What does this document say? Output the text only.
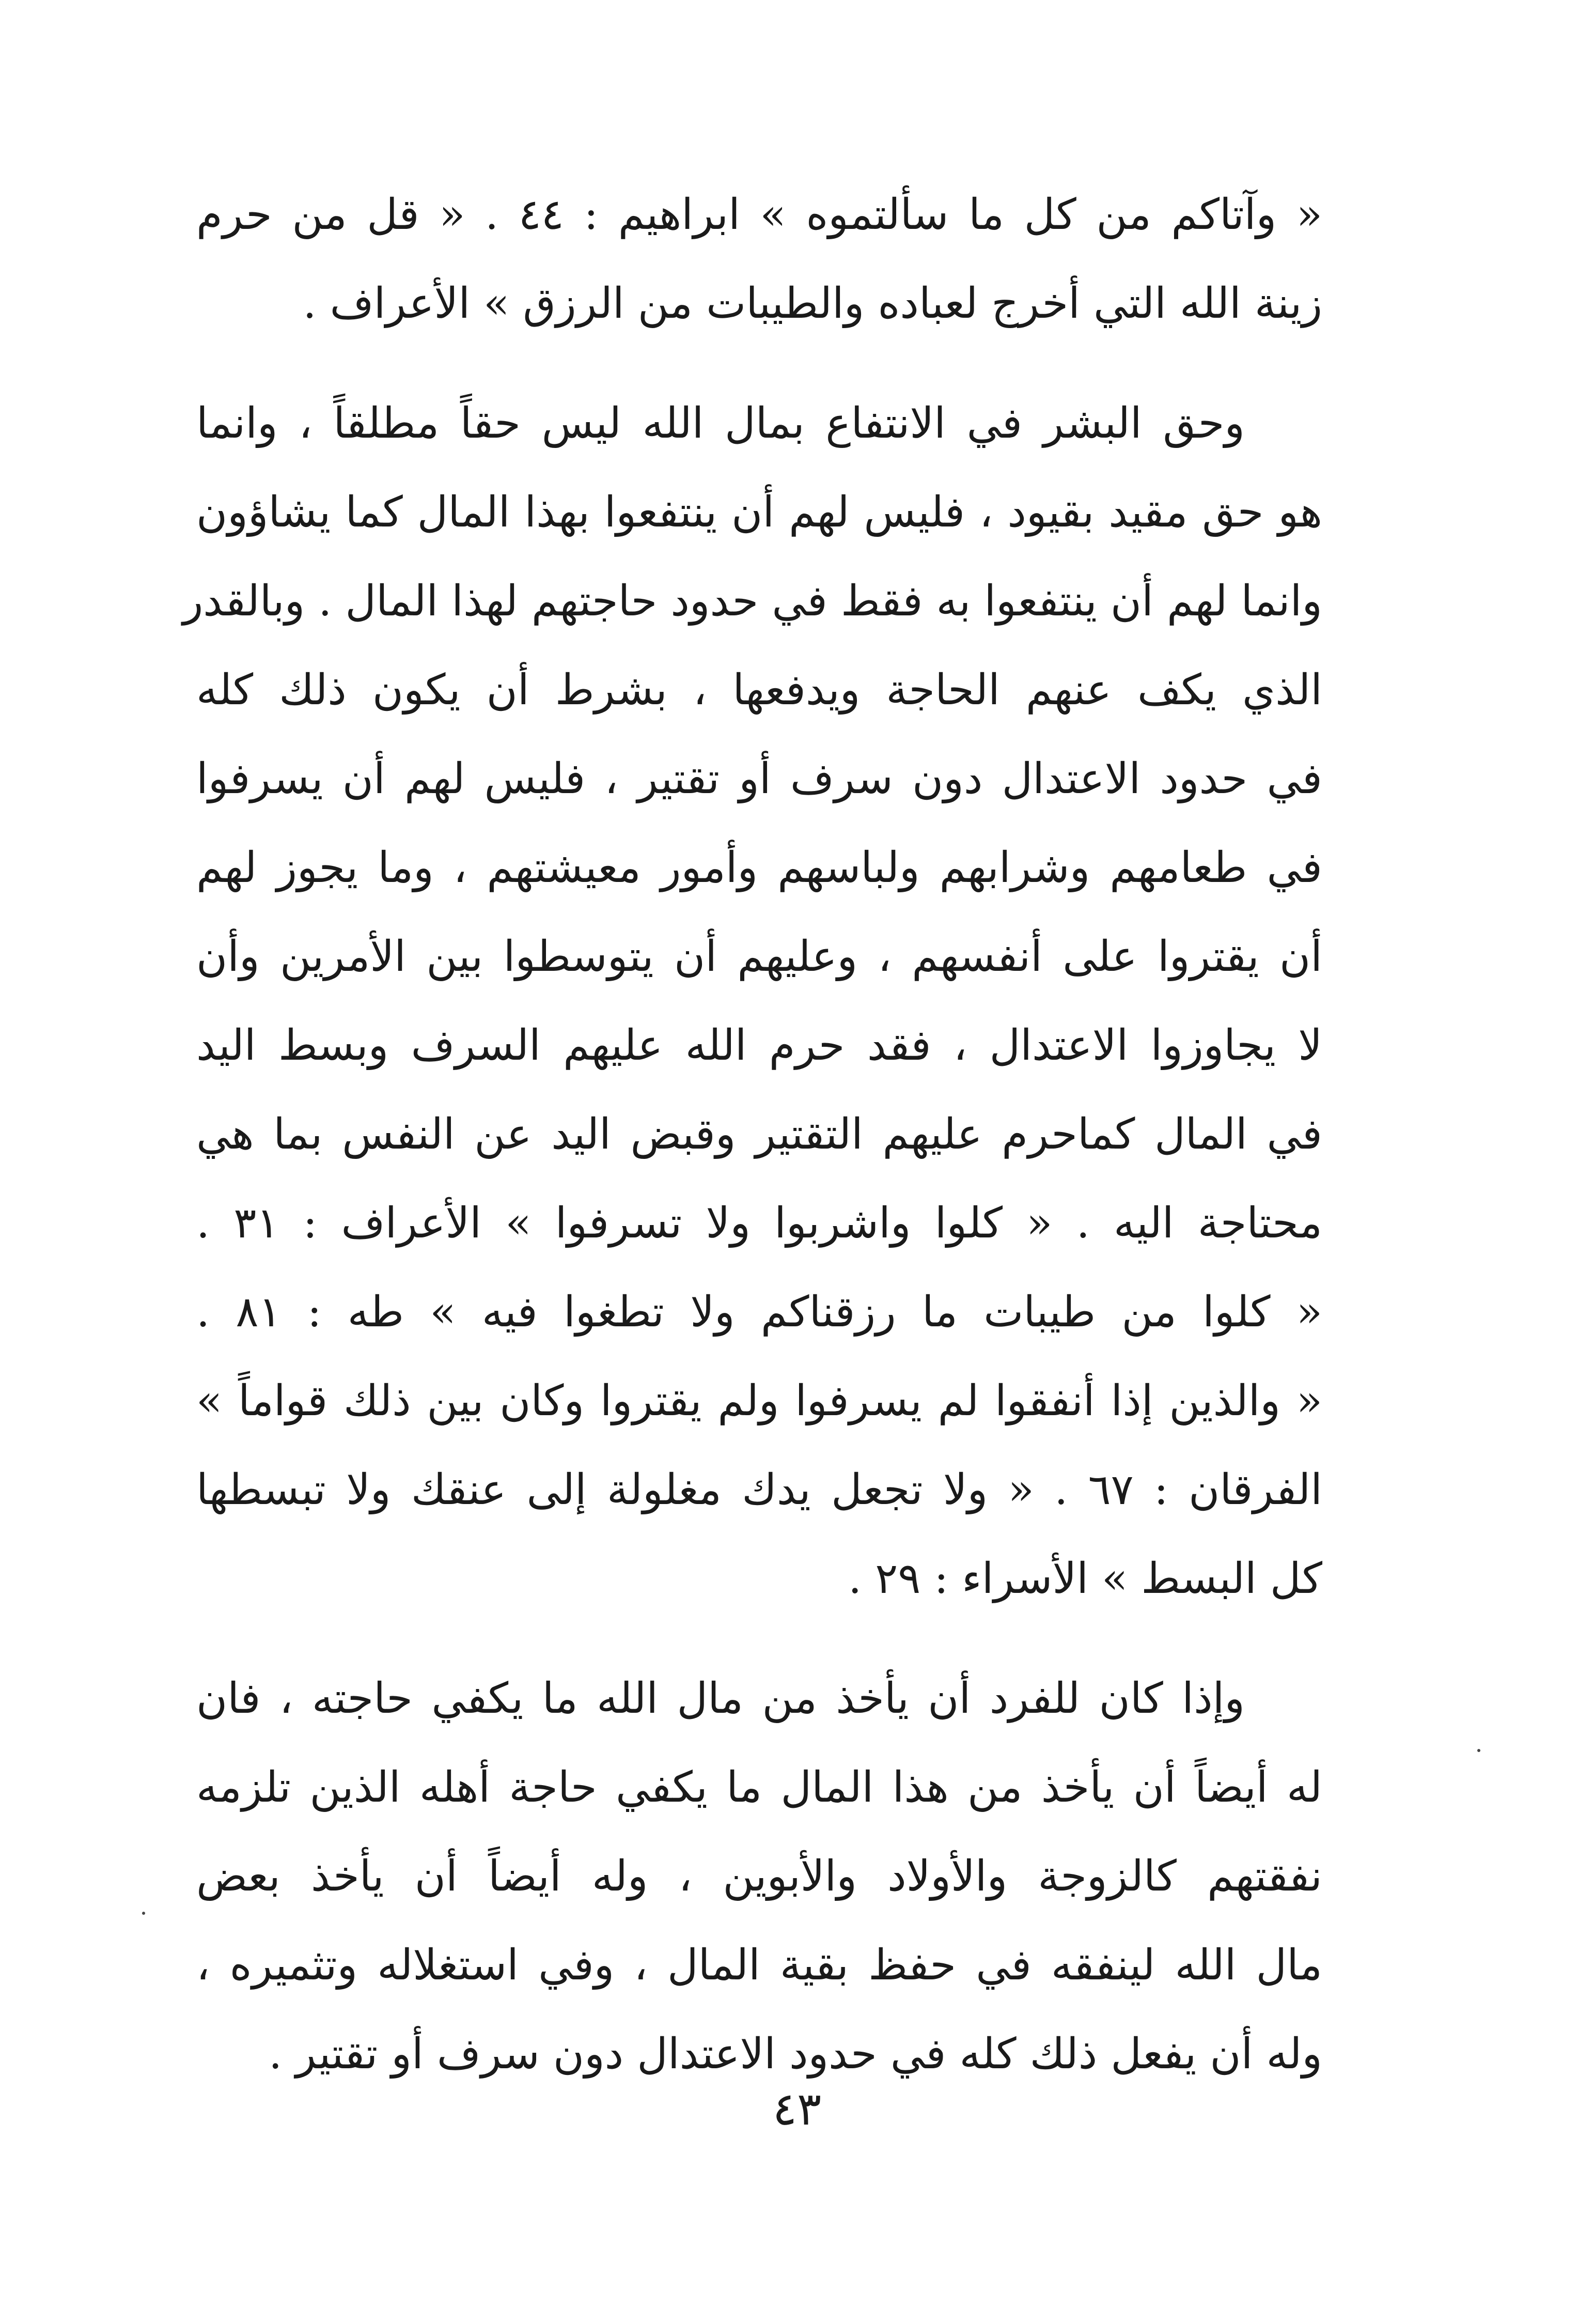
« وآتاكم من كل ما سألتموه » ابراهيم : ٤٤ . « قل من حرم
زينة الله التي أخرج لعباده والطيبات من الرزق » الأعراف .

وحق البشر في الانتفاع بمال الله ليس حقاً مطلقاً ، وانما
هو حق مقيد بقيود ، فليس لهم أن ينتفعوا بهذا المال كما يشاؤون
وانما لهم أن ينتفعوا به فقط في حدود حاجتهم لهذا المال . وبالقدر
الذي يكف عنهم الحاجة ويدفعها ، بشرط أن يكون ذلك كله
في حدود الاعتدال دون سرف أو تقتير ، فليس لهم أن يسرفوا
في طعامهم وشرابهم ولباسهم وأمور معيشتهم ، وما يجوز لهم
أن يقتروا على أنفسهم ، وعليهم أن يتوسطوا بين الأمرين وأن
لا يجاوزوا الاعتدال ، فقد حرم الله عليهم السرف وبسط اليد
في المال كماحرم عليهم التقتير وقبض اليد عن النفس بما هي
محتاجة اليه . « كلوا واشربوا ولا تسرفوا » الأعراف : ٣١ .
« كلوا من طيبات ما رزقناكم ولا تطغوا فيه » طه : ٨١ .
« والذين إذا أنفقوا لم يسرفوا ولم يقتروا وكان بين ذلك قواماً »
الفرقان : ٦٧ . « ولا تجعل يدك مغلولة إلى عنقك ولا تبسطها
كل البسط » الأسراء : ٢٩ .

وإذا كان للفرد أن يأخذ من مال الله ما يكفي حاجته ، فان
له أيضاً أن يأخذ من هذا المال ما يكفي حاجة أهله الذين تلزمه
نفقتهم كالزوجة والأولاد والأبوين ، وله أيضاً أن يأخذ بعض
مال الله لينفقه في حفظ بقية المال ، وفي استغلاله وتثميره ،
وله أن يفعل ذلك كله في حدود الاعتدال دون سرف أو تقتير .

٤٣
